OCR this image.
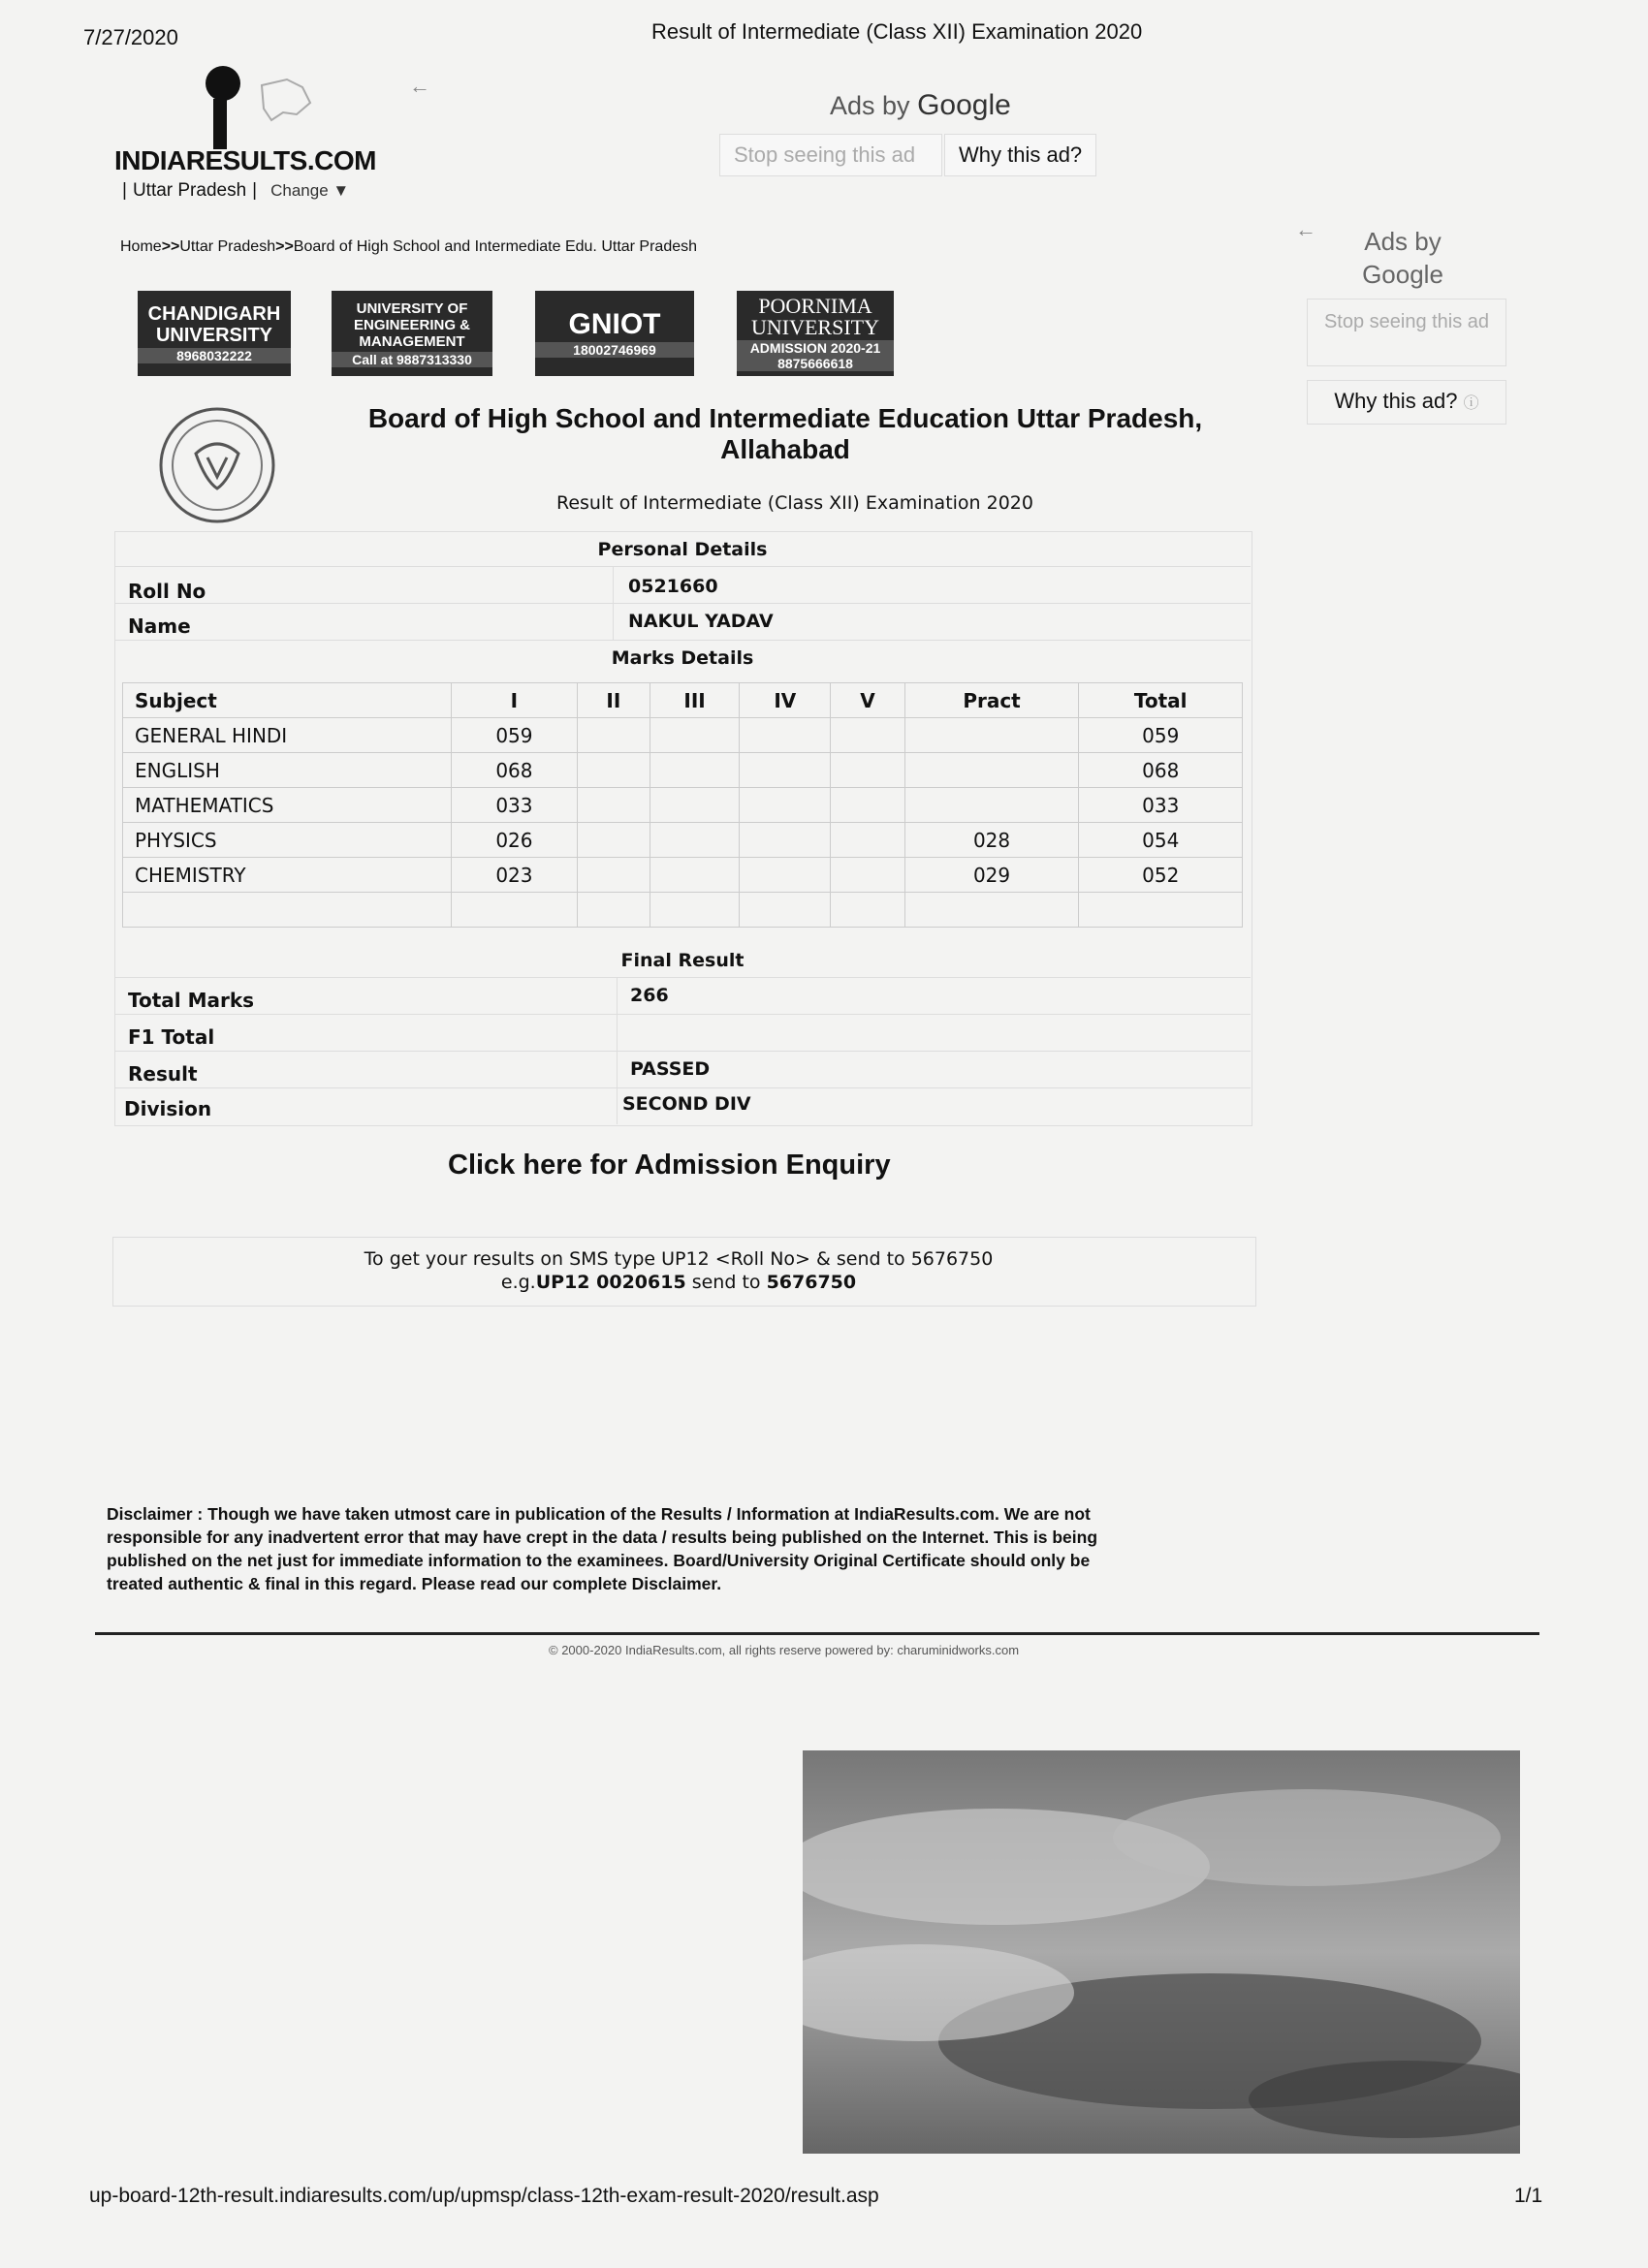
7/27/2020	Result of Intermediate (Class XII) Examination 2020
INDIARESULTS.COM
| Uttar Pradesh | Change ▼
←
Ads by Google
Stop seeing this ad	Why this ad?
←	Ads by
Google
Stop seeing this ad
Why this ad? ⓘ
Home>>Uttar Pradesh>>Board of High School and Intermediate Edu. Uttar Pradesh
CHANDIGARH UNIVERSITY
8968032222
UNIVERSITY OF ENGINEERING & MANAGEMENT
Call at 9887313330
GNIOT
18002746969
POORNIMA UNIVERSITY
ADMISSION 2020-21 8875666618
Board of High School and Intermediate Education Uttar Pradesh, Allahabad
Result of Intermediate (Class XII) Examination 2020
Personal Details
Roll No	0521660
Name	NAKUL YADAV
Marks Details
Subject	I	II	III	IV	V	Pract	Total
GENERAL HINDI	059						059
ENGLISH	068						068
MATHEMATICS	033						033
PHYSICS	026					028	054
CHEMISTRY	023					029	052

Final Result
Total Marks	266
F1 Total
Result	PASSED
Division	SECOND DIV
Click here for Admission Enquiry
To get your results on SMS type UP12 <Roll No> & send to 5676750
e.g.UP12 0020615 send to 5676750
Disclaimer : Though we have taken utmost care in publication of the Results / Information at IndiaResults.com. We are not responsible for any inadvertent error that may have crept in the data / results being published on the Internet. This is being published on the net just for immediate information to the examinees. Board/University Original Certificate should only be treated authentic & final in this regard. Please read our complete Disclaimer.
© 2000-2020 IndiaResults.com, all rights reserve powered by: charuminidworks.com
up-board-12th-result.indiaresults.com/up/upmsp/class-12th-exam-result-2020/result.asp	1/1
